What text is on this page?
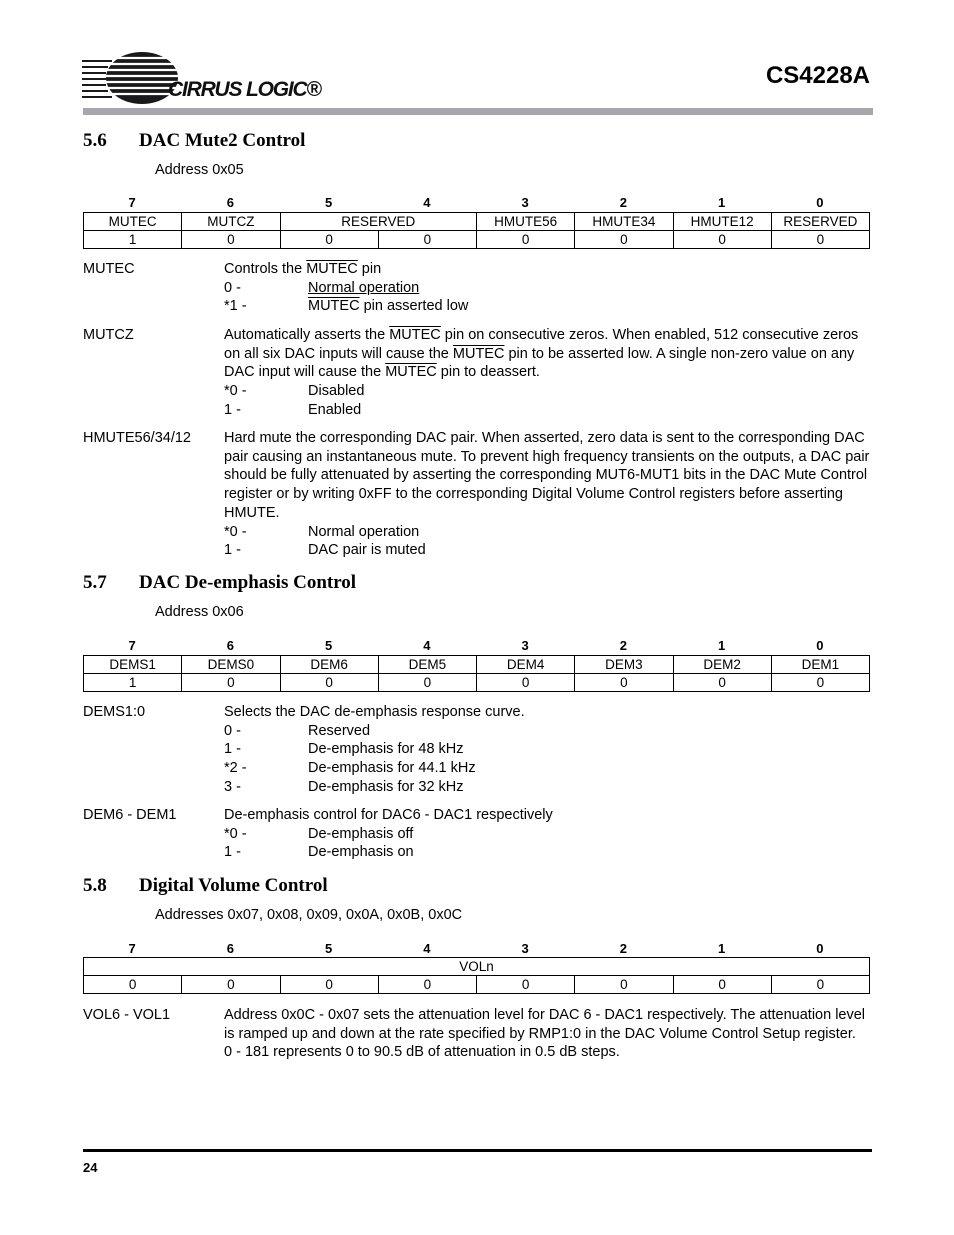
CIRRUS LOGIC®
CS4228A
5.6 DAC Mute2 Control
Address 0x05
7	6	5	4	3	2	1	0
MUTEC	MUTCZ	RESERVED		HMUTE56	HMUTE34	HMUTE12	RESERVED
1	0	0	0	0	0	0	0
MUTEC	Controls the MUTEC pin
0 -	Normal operation
*1 -	MUTEC pin asserted low
MUTCZ	Automatically asserts the MUTEC pin on consecutive zeros. When enabled, 512 consecutive zeros on all six DAC inputs will cause the MUTEC pin to be asserted low. A single non-zero value on any DAC input will cause the MUTEC pin to deassert.
*0 -	Disabled
1 -	Enabled
HMUTE56/34/12 Hard mute the corresponding DAC pair. When asserted, zero data is sent to the corresponding DAC pair causing an instantaneous mute. To prevent high frequency transients on the outputs, a DAC pair should be fully attenuated by asserting the corresponding MUT6-MUT1 bits in the DAC Mute Control register or by writing 0xFF to the corresponding Digital Volume Control registers before asserting HMUTE.
*0 -	Normal operation
1 -	DAC pair is muted
5.7 DAC De-emphasis Control
Address 0x06
7	6	5	4	3	2	1	0
DEMS1	DEMS0	DEM6	DEM5	DEM4	DEM3	DEM2	DEM1
1	0	0	0	0	0	0	0
DEMS1:0	Selects the DAC de-emphasis response curve.
0 -	Reserved
1 -	De-emphasis for 48 kHz
*2 -	De-emphasis for 44.1 kHz
3 -	De-emphasis for 32 kHz
DEM6 - DEM1	De-emphasis control for DAC6 - DAC1 respectively
*0 -	De-emphasis off
1 -	De-emphasis on
5.8 Digital Volume Control
Addresses 0x07, 0x08, 0x09, 0x0A, 0x0B, 0x0C
7	6	5	4	3	2	1	0
VOLn
0	0	0	0	0	0	0	0
VOL6 - VOL1	Address 0x0C - 0x07 sets the attenuation level for DAC 6 - DAC1 respectively. The attenuation level is ramped up and down at the rate specified by RMP1:0 in the DAC Volume Control Setup register.
0 - 181 represents 0 to 90.5 dB of attenuation in 0.5 dB steps.
24
